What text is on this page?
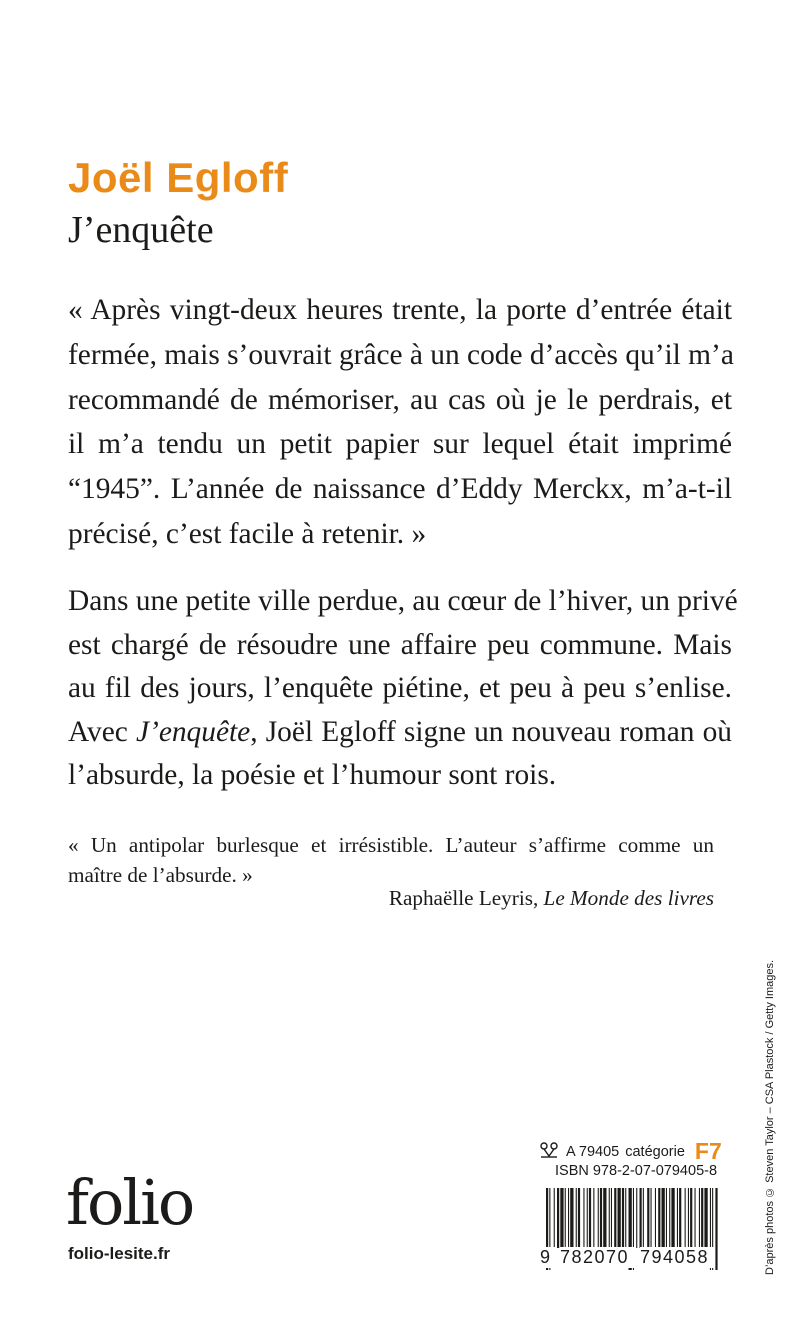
Joël Egloff
J’enquête

« Après vingt-deux heures trente, la porte d’entrée était
fermée, mais s’ouvrait grâce à un code d’accès qu’il m’a
recommandé de mémoriser, au cas où je le perdrais, et
il m’a tendu un petit papier sur lequel était imprimé
“1945”. L’année de naissance d’Eddy Merckx, m’a-t-il
précisé, c’est facile à retenir. »

Dans une petite ville perdue, au cœur de l’hiver, un privé
est chargé de résoudre une affaire peu commune. Mais
au fil des jours, l’enquête piétine, et peu à peu s’enlise.
Avec J’enquête, Joël Egloff signe un nouveau roman où
l’absurde, la poésie et l’humour sont rois.

« Un antipolar burlesque et irrésistible. L’auteur s’affirme comme un
maître de l’absurde. »

Raphaëlle Leyris, Le Monde des livres

folio
folio-lesite.fr
A 79405 catégorie F7
ISBN 978-2-07-079405-8
9 782070 794058	D’après photos © Steven Taylor – CSA Plastock / Getty Images.
